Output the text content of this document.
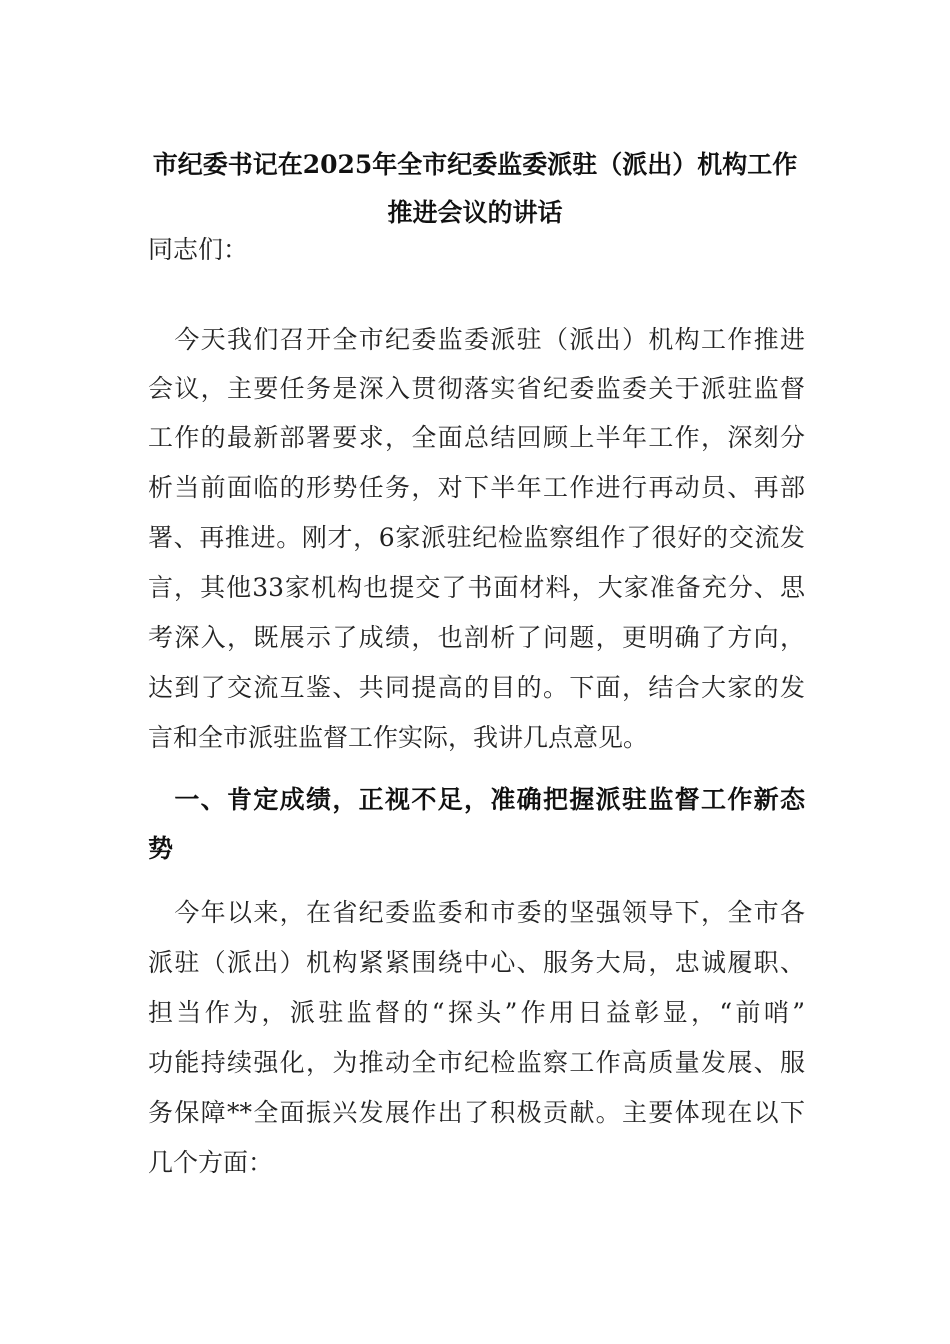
市纪委书记在2025年全市纪委监委派驻（派出）机构工作
推进会议的讲话
同志们：
　今天我们召开全市纪委监委派驻（派出）机构工作推进
会议，主要任务是深入贯彻落实省纪委监委关于派驻监督
工作的最新部署要求，全面总结回顾上半年工作，深刻分
析当前面临的形势任务，对下半年工作进行再动员、再部
署、再推进。刚才，6家派驻纪检监察组作了很好的交流发
言，其他33家机构也提交了书面材料，大家准备充分、思
考深入，既展示了成绩，也剖析了问题，更明确了方向，
达到了交流互鉴、共同提高的目的。下面，结合大家的发
言和全市派驻监督工作实际，我讲几点意见。
　一、肯定成绩，正视不足，准确把握派驻监督工作新态
势
　今年以来，在省纪委监委和市委的坚强领导下，全市各
派驻（派出）机构紧紧围绕中心、服务大局，忠诚履职、
担当作为，派驻监督的“探头”作用日益彰显，“前哨”
功能持续强化，为推动全市纪检监察工作高质量发展、服
务保障**全面振兴发展作出了积极贡献。主要体现在以下
几个方面：
